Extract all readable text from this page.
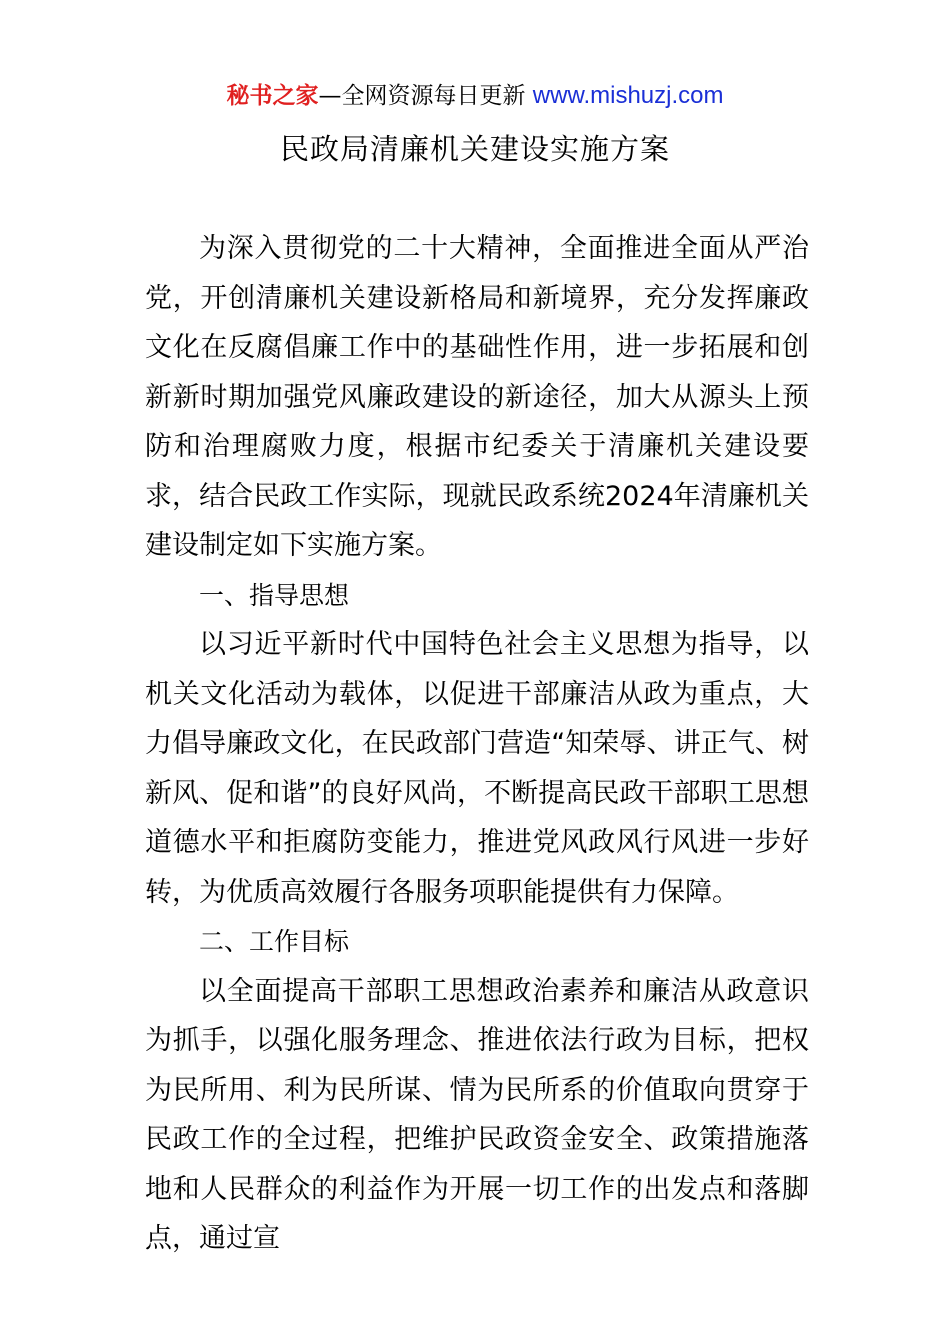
秘书之家—全网资源每日更新 www.mishuzj.com
民政局清廉机关建设实施方案

为深入贯彻党的二十大精神，全面推进全面从严治党，开创清廉机关建设新格局和新境界，充分发挥廉政文化在反腐倡廉工作中的基础性作用，进一步拓展和创新新时期加强党风廉政建设的新途径，加大从源头上预防和治理腐败力度，根据市纪委关于清廉机关建设要求，结合民政工作实际，现就民政系统2024年清廉机关建设制定如下实施方案。

一、指导思想

以习近平新时代中国特色社会主义思想为指导，以机关文化活动为载体，以促进干部廉洁从政为重点，大力倡导廉政文化，在民政部门营造“知荣辱、讲正气、树新风、促和谐”的良好风尚，不断提高民政干部职工思想道德水平和拒腐防变能力，推进党风政风行风进一步好转，为优质高效履行各服务项职能提供有力保障。

二、工作目标

以全面提高干部职工思想政治素养和廉洁从政意识为抓手，以强化服务理念、推进依法行政为目标，把权为民所用、利为民所谋、情为民所系的价值取向贯穿于民政工作的全过程，把维护民政资金安全、政策措施落地和人民群众的利益作为开展一切工作的出发点和落脚点，通过宣
